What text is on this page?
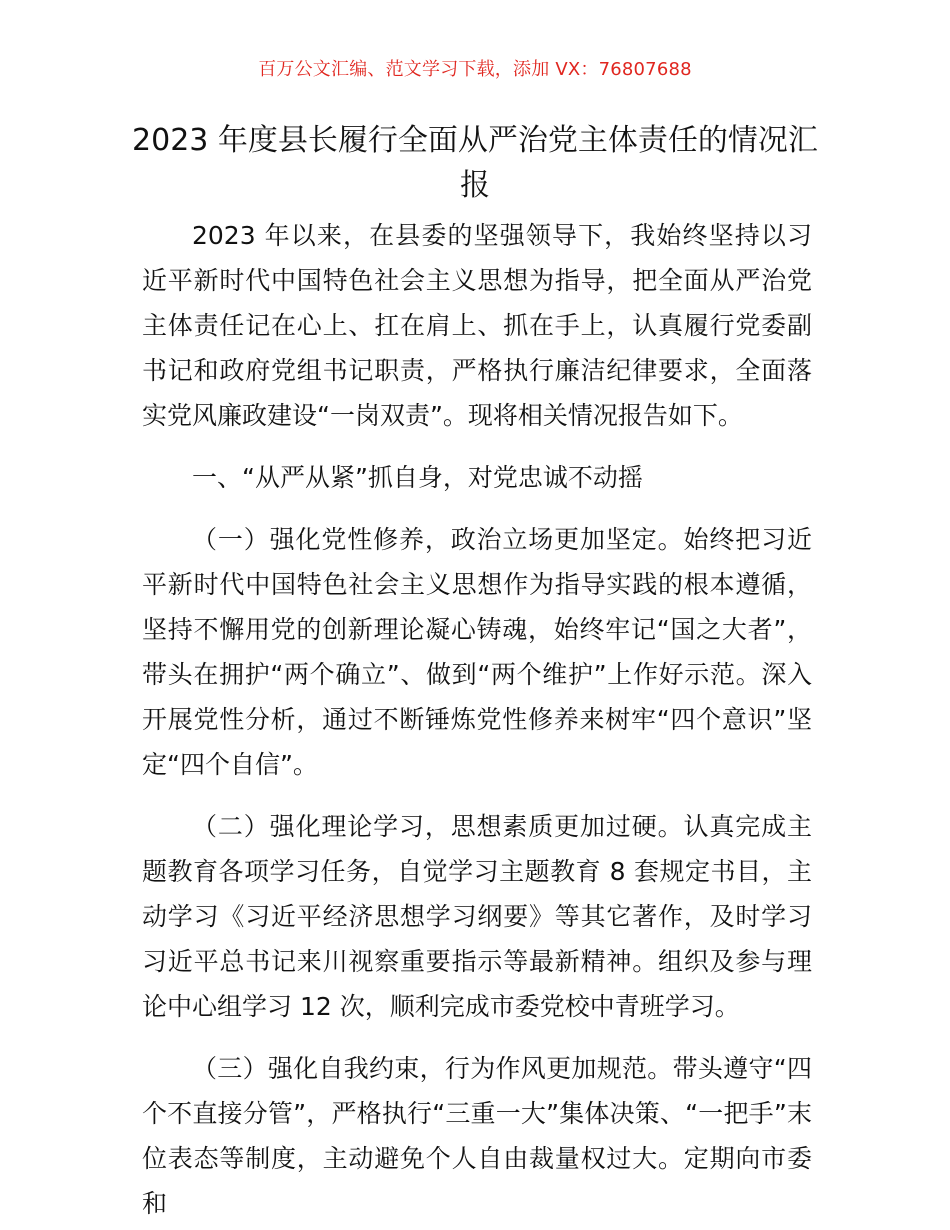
百万公文汇编、范文学习下载，添加 VX：76807688
2023 年度县长履行全面从严治党主体责任的情况汇报

2023 年以来，在县委的坚强领导下，我始终坚持以习近平新时代中国特色社会主义思想为指导，把全面从严治党主体责任记在心上、扛在肩上、抓在手上，认真履行党委副书记和政府党组书记职责，严格执行廉洁纪律要求，全面落实党风廉政建设“一岗双责”。现将相关情况报告如下。

一、“从严从紧”抓自身，对党忠诚不动摇

（一）强化党性修养，政治立场更加坚定。始终把习近平新时代中国特色社会主义思想作为指导实践的根本遵循，坚持不懈用党的创新理论凝心铸魂，始终牢记“国之大者”，带头在拥护“两个确立”、做到“两个维护”上作好示范。深入开展党性分析，通过不断锤炼党性修养来树牢“四个意识”坚定“四个自信”。

（二）强化理论学习，思想素质更加过硬。认真完成主题教育各项学习任务，自觉学习主题教育 8 套规定书目，主动学习《习近平经济思想学习纲要》等其它著作，及时学习习近平总书记来川视察重要指示等最新精神。组织及参与理论中心组学习 12 次，顺利完成市委党校中青班学习。

（三）强化自我约束，行为作风更加规范。带头遵守“四个不直接分管”，严格执行“三重一大”集体决策、“一把手”末位表态等制度，主动避免个人自由裁量权过大。定期向市委和
